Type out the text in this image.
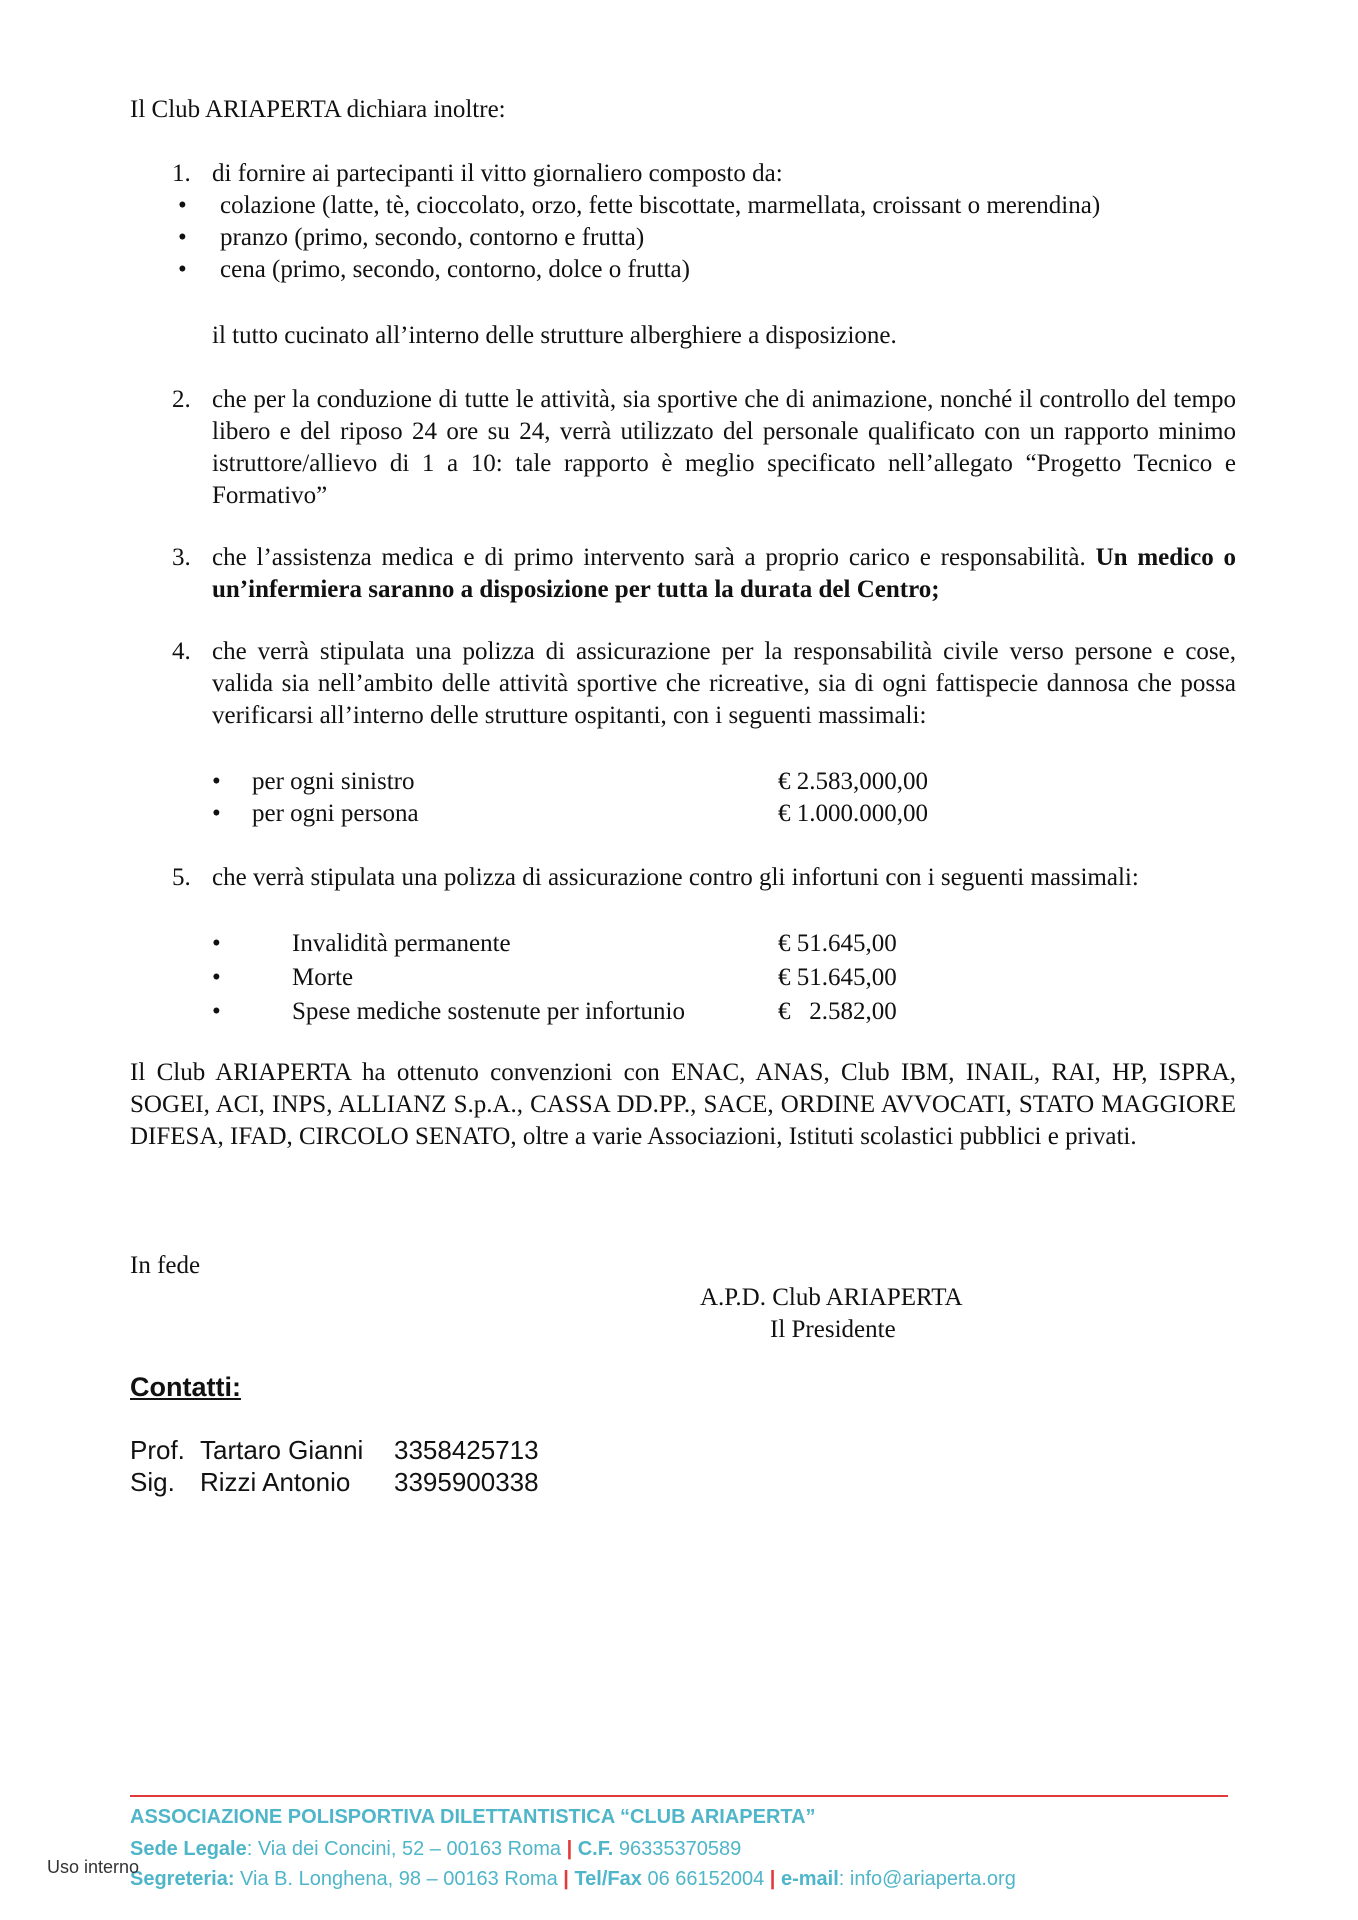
Il Club ARIAPERTA dichiara inoltre:
1. di fornire ai partecipanti il vitto giornaliero composto da:
• colazione (latte, tè, cioccolato, orzo, fette biscottate, marmellata, croissant o merendina)
• pranzo (primo, secondo, contorno e frutta)
• cena (primo, secondo, contorno, dolce o frutta)
il tutto cucinato all’interno delle strutture alberghiere a disposizione.
2. che per la conduzione di tutte le attività, sia sportive che di animazione, nonché il controllo del tempo libero e del riposo 24 ore su 24, verrà utilizzato del personale qualificato con un rapporto minimo istruttore/allievo di 1 a 10: tale rapporto è meglio specificato nell’allegato “Progetto Tecnico e Formativo”
3. che l’assistenza medica e di primo intervento sarà a proprio carico e responsabilità. Un medico o un’infermiera saranno a disposizione per tutta la durata del Centro;
4. che verrà stipulata una polizza di assicurazione per la responsabilità civile verso persone e cose, valida sia nell’ambito delle attività sportive che ricreative, sia di ogni fattispecie dannosa che possa verificarsi all’interno delle strutture ospitanti, con i seguenti massimali:
• per ogni sinistro	€ 2.583,000,00
• per ogni persona	€ 1.000.000,00
5. che verrà stipulata una polizza di assicurazione contro gli infortuni con i seguenti massimali:
•	Invalidità permanente	€ 51.645,00
•	Morte	€ 51.645,00
•	Spese mediche sostenute per infortunio	€   2.582,00
Il Club ARIAPERTA ha ottenuto convenzioni con ENAC, ANAS, Club IBM, INAIL, RAI, HP, ISPRA, SOGEI, ACI, INPS, ALLIANZ S.p.A., CASSA DD.PP., SACE, ORDINE AVVOCATI, STATO MAGGIORE DIFESA, IFAD, CIRCOLO SENATO, oltre a varie Associazioni, Istituti scolastici pubblici e privati.
In fede
A.P.D. Club ARIAPERTA
Il Presidente
Contatti:
Prof. Tartaro Gianni 3358425713
Sig. Rizzi Antonio 3395900338
ASSOCIAZIONE POLISPORTIVA DILETTANTISTICA “CLUB ARIAPERTA”
Sede Legale: Via dei Concini, 52 – 00163 Roma | C.F. 96335370589
Segreteria: Via B. Longhena, 98 – 00163 Roma | Tel/Fax 06 66152004 | e-mail: info@ariaperta.org
Uso interno
